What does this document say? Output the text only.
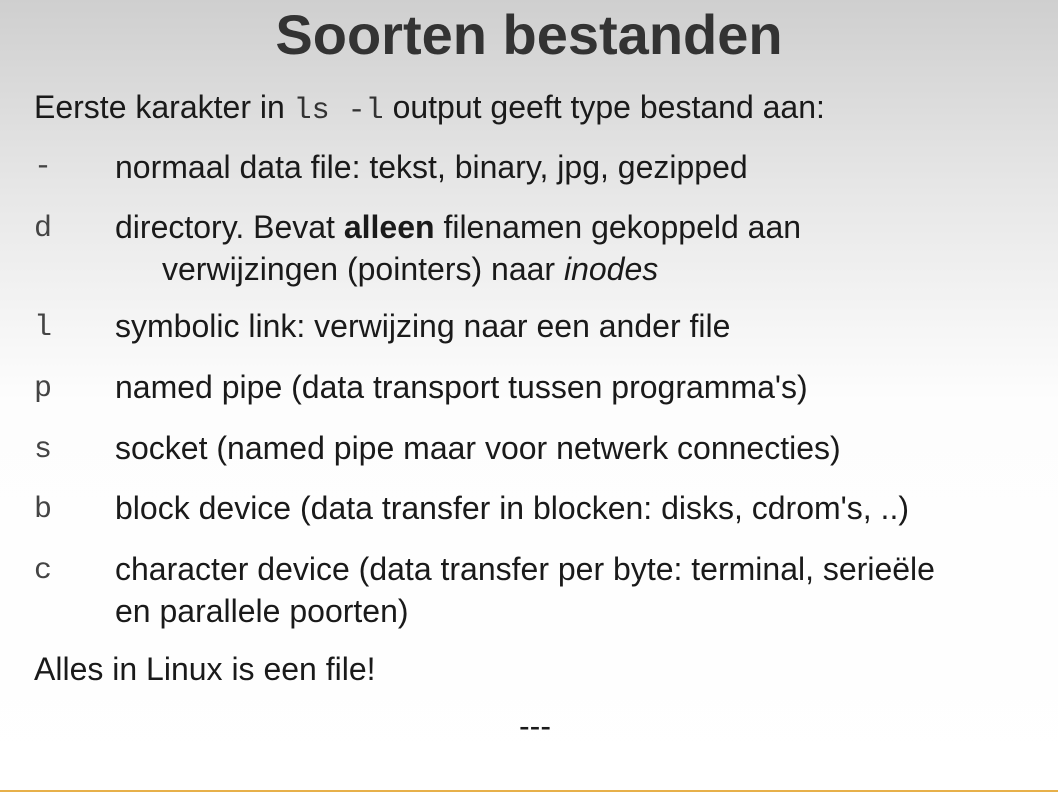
Soorten bestanden
Eerste karakter in ls -l output geeft type bestand aan:
- normaal data file: tekst, binary, jpg, gezipped
d directory. Bevat alleen filenamen gekoppeld aan
verwijzingen (pointers) naar inodes
l symbolic link: verwijzing naar een ander file
p named pipe (data transport tussen programma's)
s socket (named pipe maar voor netwerk connecties)
b block device (data transfer in blocken: disks, cdrom's, ..)
c character device (data transfer per byte: terminal, serieële
en parallele poorten)
Alles in Linux is een file!
---
